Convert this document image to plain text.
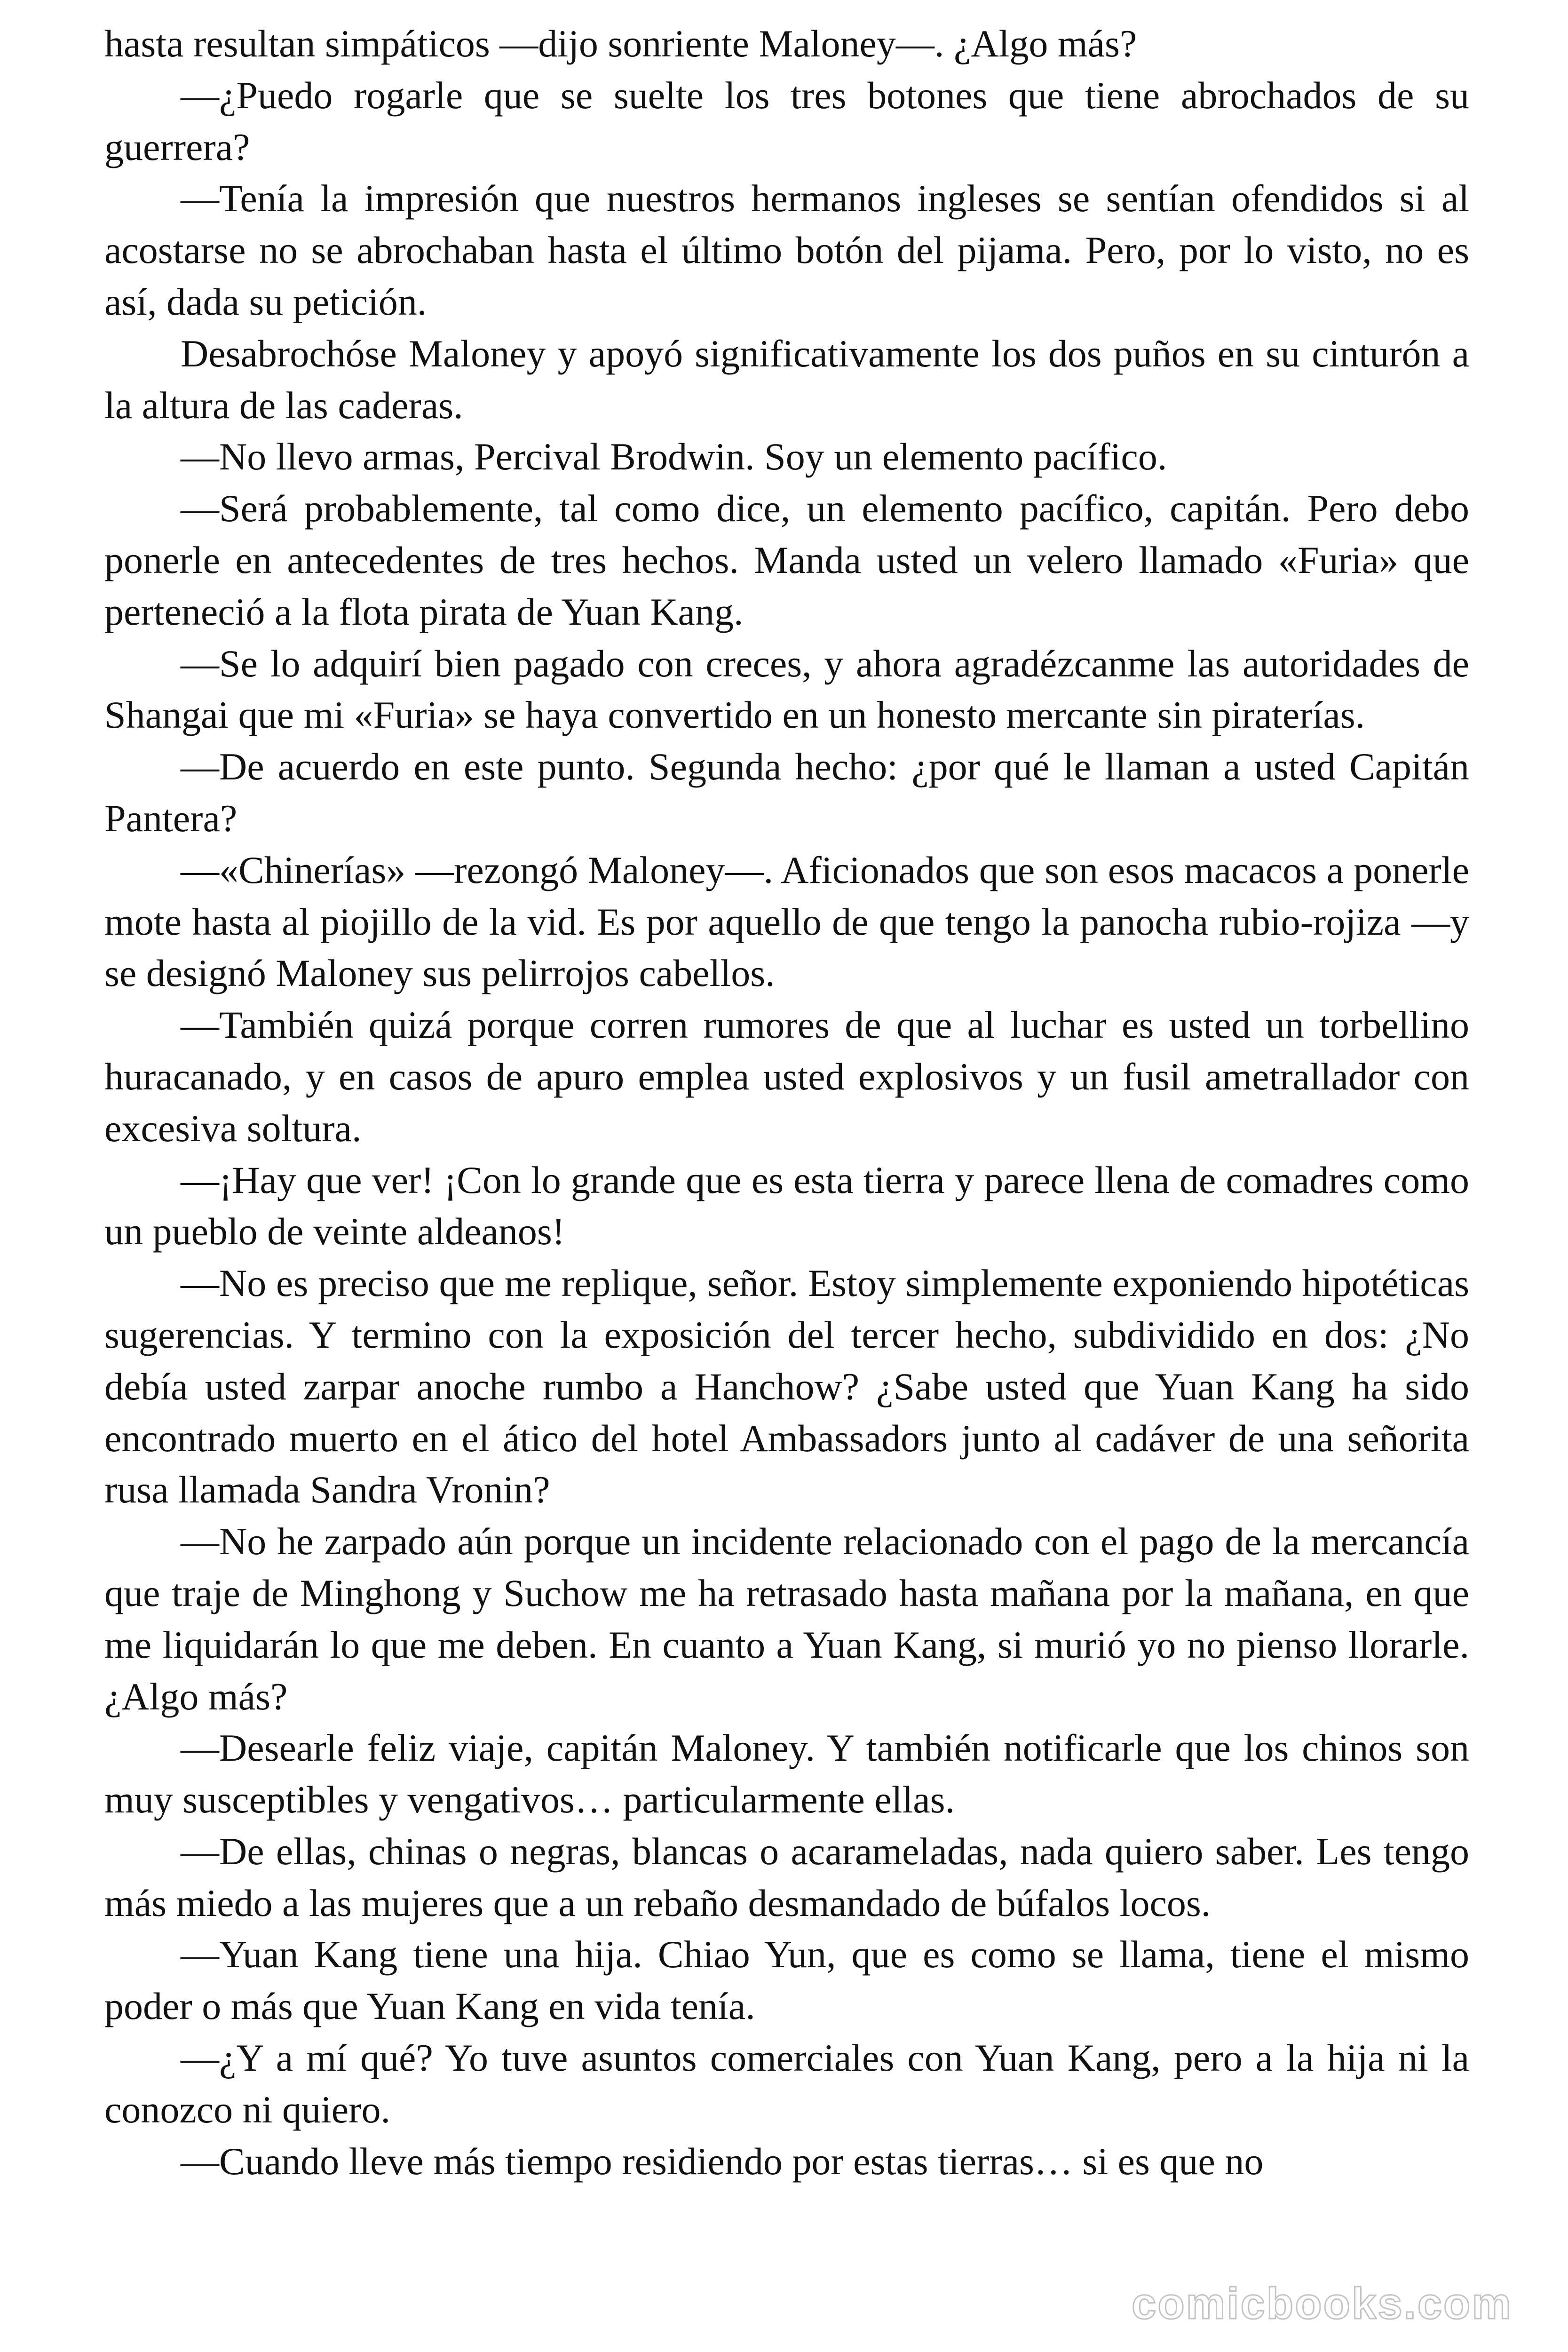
hasta resultan simpáticos —dijo sonriente Maloney—. ¿Algo más?

—¿Puedo rogarle que se suelte los tres botones que tiene abrochados de su guerrera?

—Tenía la impresión que nuestros hermanos ingleses se sentían ofendidos si al acostarse no se abrochaban hasta el último botón del pijama. Pero, por lo visto, no es así, dada su petición.

Desabrochóse Maloney y apoyó significativamente los dos puños en su cinturón a la altura de las caderas.

—No llevo armas, Percival Brodwin. Soy un elemento pacífico.

—Será probablemente, tal como dice, un elemento pacífico, capitán. Pero debo ponerle en antecedentes de tres hechos. Manda usted un velero llamado «Furia» que perteneció a la flota pirata de Yuan Kang.

—Se lo adquirí bien pagado con creces, y ahora agradézcanme las autoridades de Shangai que mi «Furia» se haya convertido en un honesto mercante sin piraterías.

—De acuerdo en este punto. Segunda hecho: ¿por qué le llaman a usted Capitán Pantera?

—«Chinerías» —rezongó Maloney—. Aficionados que son esos macacos a ponerle mote hasta al piojillo de la vid. Es por aquello de que tengo la panocha rubio-rojiza —y se designó Maloney sus pelirrojos cabellos.

—También quizá porque corren rumores de que al luchar es usted un torbellino huracanado, y en casos de apuro emplea usted explosivos y un fusil ametrallador con excesiva soltura.

—¡Hay que ver! ¡Con lo grande que es esta tierra y parece llena de comadres como un pueblo de veinte aldeanos!

—No es preciso que me replique, señor. Estoy simplemente exponiendo hipotéticas sugerencias. Y termino con la exposición del tercer hecho, subdividido en dos: ¿No debía usted zarpar anoche rumbo a Hanchow? ¿Sabe usted que Yuan Kang ha sido encontrado muerto en el ático del hotel Ambassadors junto al cadáver de una señorita rusa llamada Sandra Vronin?

—No he zarpado aún porque un incidente relacionado con el pago de la mercancía que traje de Minghong y Suchow me ha retrasado hasta mañana por la mañana, en que me liquidarán lo que me deben. En cuanto a Yuan Kang, si murió yo no pienso llorarle. ¿Algo más?

—Desearle feliz viaje, capitán Maloney. Y también notificarle que los chinos son muy susceptibles y vengativos… particularmente ellas.

—De ellas, chinas o negras, blancas o acarameladas, nada quiero saber. Les tengo más miedo a las mujeres que a un rebaño desmandado de búfalos locos.

—Yuan Kang tiene una hija. Chiao Yun, que es como se llama, tiene el mismo poder o más que Yuan Kang en vida tenía.

—¿Y a mí qué? Yo tuve asuntos comerciales con Yuan Kang, pero a la hija ni la conozco ni quiero.

—Cuando lleve más tiempo residiendo por estas tierras… si es que no

comicbooks.com
